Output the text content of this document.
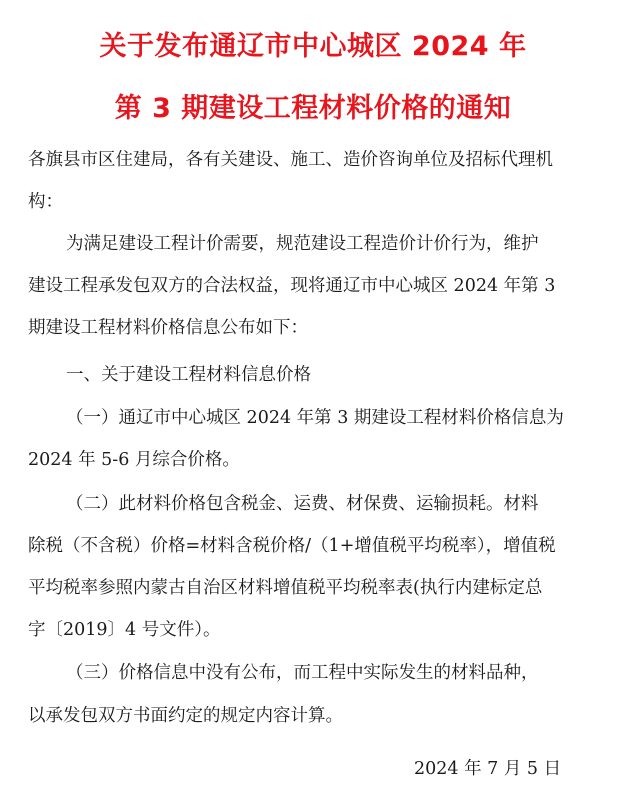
关于发布通辽市中心城区 2024 年
第 3 期建设工程材料价格的通知
各旗县市区住建局，各有关建设、施工、造价咨询单位及招标代理机
构：
为满足建设工程计价需要，规范建设工程造价计价行为，维护
建设工程承发包双方的合法权益，现将通辽市中心城区 2024 年第 3
期建设工程材料价格信息公布如下：
一、关于建设工程材料信息价格
（一）通辽市中心城区 2024 年第 3 期建设工程材料价格信息为
2024 年 5-6 月综合价格。
（二）此材料价格包含税金、运费、材保费、运输损耗。材料
除税（不含税）价格=材料含税价格/（1+增值税平均税率），增值税
平均税率参照内蒙古自治区材料增值税平均税率表(执行内建标定总
字〔2019〕4 号文件）。
（三）价格信息中没有公布，而工程中实际发生的材料品种，
以承发包双方书面约定的规定内容计算。
2024 年 7 月 5 日
